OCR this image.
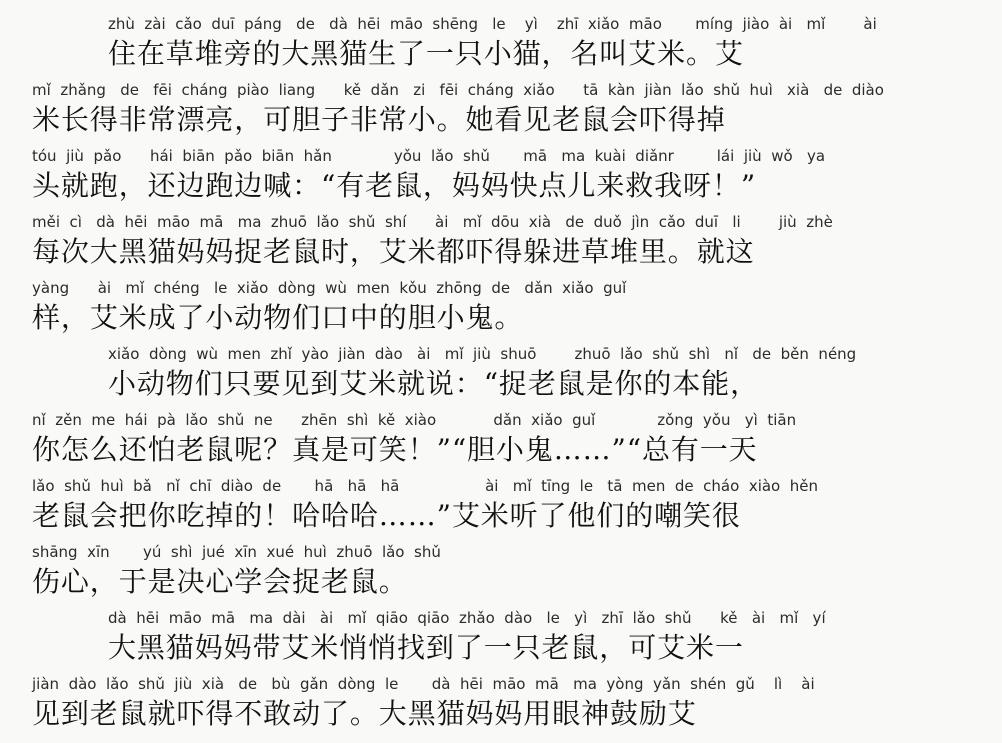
zhù  zài  cǎo  duī  páng   de   dà  hēi  māo  shēng   le    yì    zhī  xiǎo  māo       míng  jiào  ài   mǐ        ài
住在草堆旁的大黑猫生了一只小猫，名叫艾米。艾
mǐ  zhǎng   de   fēi  cháng  piào  liang      kě  dǎn   zi   fēi  cháng  xiǎo      tā  kàn  jiàn  lǎo  shǔ  huì   xià   de  diào
米长得非常漂亮，可胆子非常小。她看见老鼠会吓得掉
tóu  jiù  pǎo      hái  biān  pǎo  biān  hǎn             yǒu  lǎo  shǔ       mā   ma  kuài  diǎnr         lái  jiù  wǒ   ya
头就跑，还边跑边喊：“有老鼠，妈妈快点儿来救我呀！”
měi  cì   dà  hēi  māo  mā   ma  zhuō  lǎo  shǔ  shí      ài   mǐ  dōu  xià   de  duǒ  jìn  cǎo  duī   li        jiù  zhè
每次大黑猫妈妈捉老鼠时，艾米都吓得躲进草堆里。就这
yàng      ài   mǐ  chéng   le  xiǎo  dòng  wù  men  kǒu  zhōng  de   dǎn  xiǎo  guǐ
样，艾米成了小动物们口中的胆小鬼。
xiǎo  dòng  wù  men  zhǐ  yào  jiàn  dào   ài   mǐ  jiù  shuō        zhuō  lǎo  shǔ  shì   nǐ   de  běn  néng
小动物们只要见到艾米就说：“捉老鼠是你的本能，
nǐ  zěn  me  hái  pà  lǎo  shǔ  ne      zhēn  shì  kě  xiào            dǎn  xiǎo  guǐ             zǒng  yǒu   yì  tiān
你怎么还怕老鼠呢？真是可笑！”“胆小鬼……”“总有一天
lǎo  shǔ  huì  bǎ   nǐ  chī  diào  de       hā   hā   hā                  ài   mǐ  tīng  le   tā  men  de  cháo  xiào  hěn
老鼠会把你吃掉的！哈哈哈……”艾米听了他们的嘲笑很
shāng  xīn       yú  shì  jué  xīn  xué  huì  zhuō  lǎo  shǔ
伤心，于是决心学会捉老鼠。
dà  hēi  māo  mā   ma  dài   ài   mǐ  qiāo  qiāo  zhǎo  dào   le   yì   zhī  lǎo  shǔ      kě   ài   mǐ   yí
大黑猫妈妈带艾米悄悄找到了一只老鼠，可艾米一
jiàn  dào  lǎo  shǔ  jiù  xià   de   bù  gǎn  dòng  le       dà  hēi  māo  mā   ma  yòng  yǎn  shén  gǔ    lì    ài
见到老鼠就吓得不敢动了。大黑猫妈妈用眼神鼓励艾
